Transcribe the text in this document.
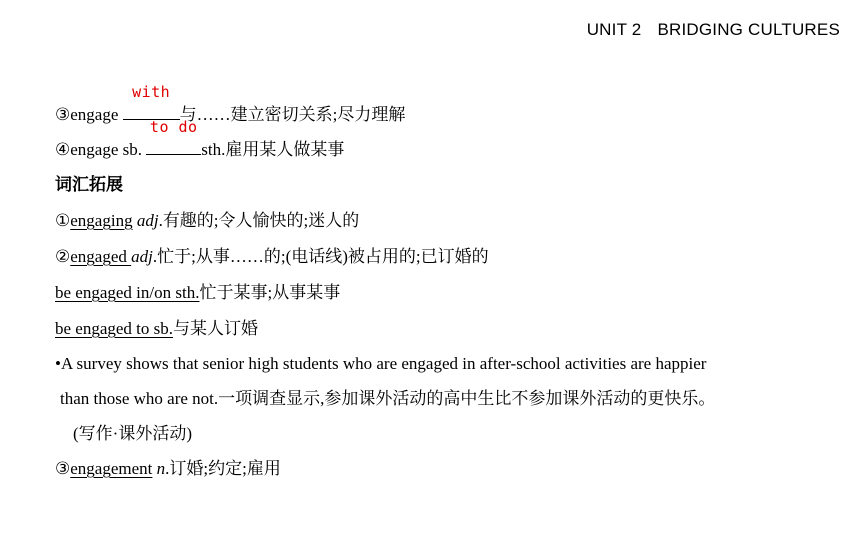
UNIT 2 BRIDGING CULTURES
③engage
with
与……建立密切关系;尽力理解
④engage sb.
to do
sth.雇用某人做某事
词汇拓展
①engaging adj.有趣的;令人愉快的;迷人的
②engaged adj.忙于;从事……的;(电话线)被占用的;已订婚的
be engaged in/on sth.忙于某事;从事某事
be engaged to sb.与某人订婚
•A survey shows that senior high students who are engaged in after-school activities are happier
than those who are not.一项调查显示,参加课外活动的高中生比不参加课外活动的更快乐。
(写作·课外活动)
③engagement n.订婚;约定;雇用
